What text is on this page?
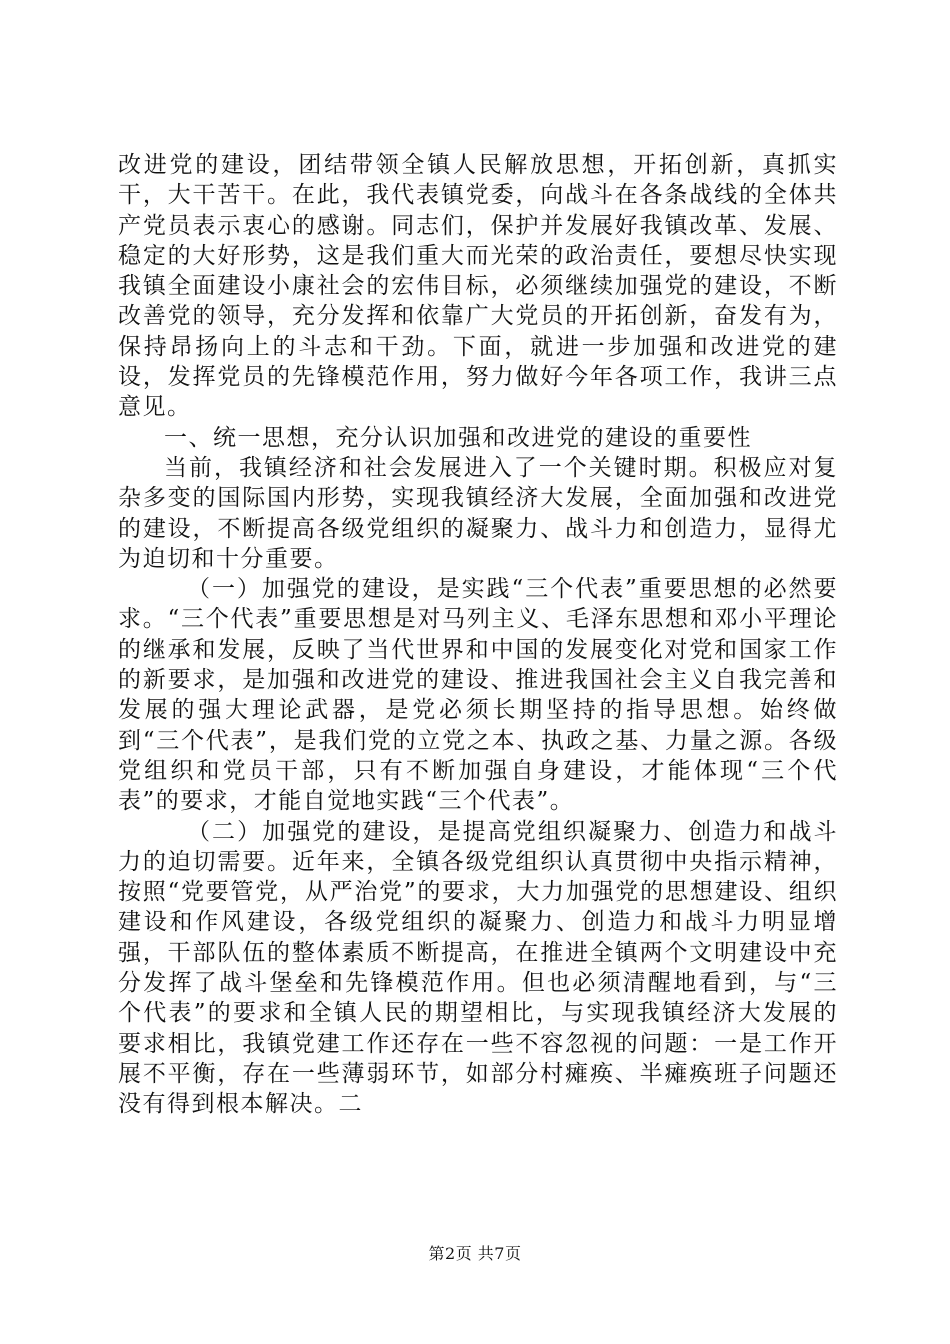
改进党的建设，团结带领全镇人民解放思想，开拓创新，真抓实干，大干苦干。在此，我代表镇党委，向战斗在各条战线的全体共产党员表示衷心的感谢。同志们，保护并发展好我镇改革、发展、稳定的大好形势，这是我们重大而光荣的政治责任，要想尽快实现我镇全面建设小康社会的宏伟目标，必须继续加强党的建设，不断改善党的领导，充分发挥和依靠广大党员的开拓创新，奋发有为，保持昂扬向上的斗志和干劲。下面，就进一步加强和改进党的建设，发挥党员的先锋模范作用，努力做好今年各项工作，我讲三点意见。

一、统一思想，充分认识加强和改进党的建设的重要性

当前，我镇经济和社会发展进入了一个关键时期。积极应对复杂多变的国际国内形势，实现我镇经济大发展，全面加强和改进党的建设，不断提高各级党组织的凝聚力、战斗力和创造力，显得尤为迫切和十分重要。

（一）加强党的建设，是实践“三个代表”重要思想的必然要求。“三个代表”重要思想是对马列主义、毛泽东思想和邓小平理论的继承和发展，反映了当代世界和中国的发展变化对党和国家工作的新要求，是加强和改进党的建设、推进我国社会主义自我完善和发展的强大理论武器，是党必须长期坚持的指导思想。始终做到“三个代表”，是我们党的立党之本、执政之基、力量之源。各级党组织和党员干部，只有不断加强自身建设，才能体现“三个代表”的要求，才能自觉地实践“三个代表”。

（二）加强党的建设，是提高党组织凝聚力、创造力和战斗力的迫切需要。近年来，全镇各级党组织认真贯彻中央指示精神，按照“党要管党，从严治党”的要求，大力加强党的思想建设、组织建设和作风建设，各级党组织的凝聚力、创造力和战斗力明显增强，干部队伍的整体素质不断提高，在推进全镇两个文明建设中充分发挥了战斗堡垒和先锋模范作用。但也必须清醒地看到，与“三个代表”的要求和全镇人民的期望相比，与实现我镇经济大发展的要求相比，我镇党建工作还存在一些不容忽视的问题：一是工作开展不平衡，存在一些薄弱环节，如部分村瘫痪、半瘫痪班子问题还没有得到根本解决。二

第2页 共7页
